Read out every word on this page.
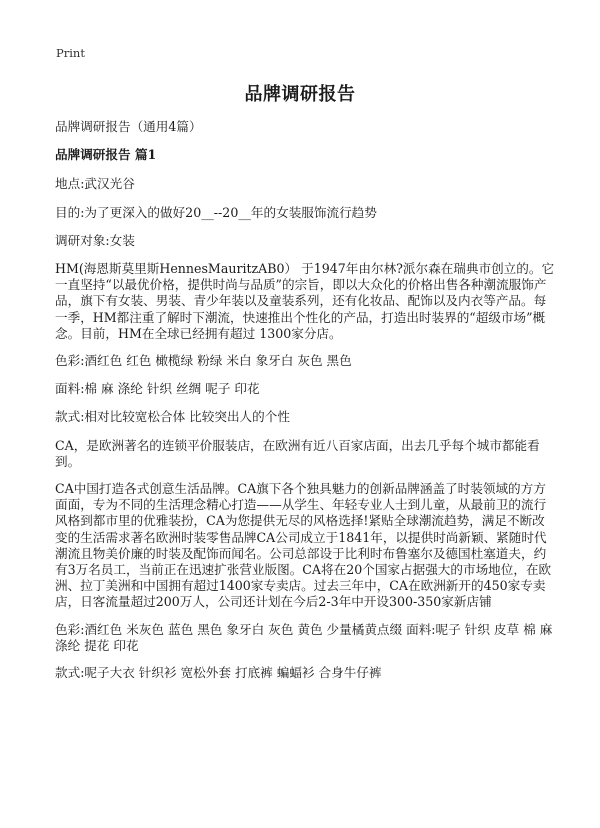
Print
品牌调研报告

品牌调研报告（通用4篇）

品牌调研报告 篇1

地点:武汉光谷

目的:为了更深入的做好20__--20__年的女装服饰流行趋势

调研对象:女装

HM(海恩斯莫里斯HennesMauritzAB0） 于1947年由尔林?派尔森在瑞典市创立的。它一直坚持“以最优价格，提供时尚与品质”的宗旨，即以大众化的价格出售各种潮流服饰产品，旗下有女装、男装、青少年装以及童装系列，还有化妆品、配饰以及内衣等产品。每一季，HM都注重了解时下潮流，快速推出个性化的产品，打造出时装界的“超级市场”概念。目前，HM在全球已经拥有超过 1300家分店。

色彩:酒红色 红色 橄榄绿 粉绿 米白 象牙白 灰色 黑色

面料:棉 麻 涤纶 针织 丝绸 呢子 印花

款式:相对比较宽松合体 比较突出人的个性

CA，是欧洲著名的连锁平价服装店，在欧洲有近八百家店面，出去几乎每个城市都能看到。

CA中国打造各式创意生活品牌。CA旗下各个独具魅力的创新品牌涵盖了时装领域的方方面面，专为不同的生活理念精心打造——从学生、年轻专业人士到儿童，从最前卫的流行风格到都市里的优雅装扮，CA为您提供无尽的风格选择!紧贴全球潮流趋势，满足不断改变的生活需求著名欧洲时装零售品牌CA公司成立于1841年，以提供时尚新颖、紧随时代潮流且物美价廉的时装及配饰而闻名。公司总部设于比利时布鲁塞尔及德国杜塞道夫，约有3万名员工，当前正在迅速扩张营业版图。CA将在20个国家占据强大的市场地位，在欧洲、拉丁美洲和中国拥有超过1400家专卖店。过去三年中，CA在欧洲新开的450家专卖店，日客流量超过200万人，公司还计划在今后2-3年中开设300-350家新店铺

色彩:酒红色 米灰色 蓝色 黑色 象牙白 灰色 黄色 少量橘黄点缀 面料:呢子 针织 皮草 棉 麻 涤纶 提花 印花

款式:呢子大衣 针织衫 宽松外套 打底裤 蝙蝠衫 合身牛仔裤
